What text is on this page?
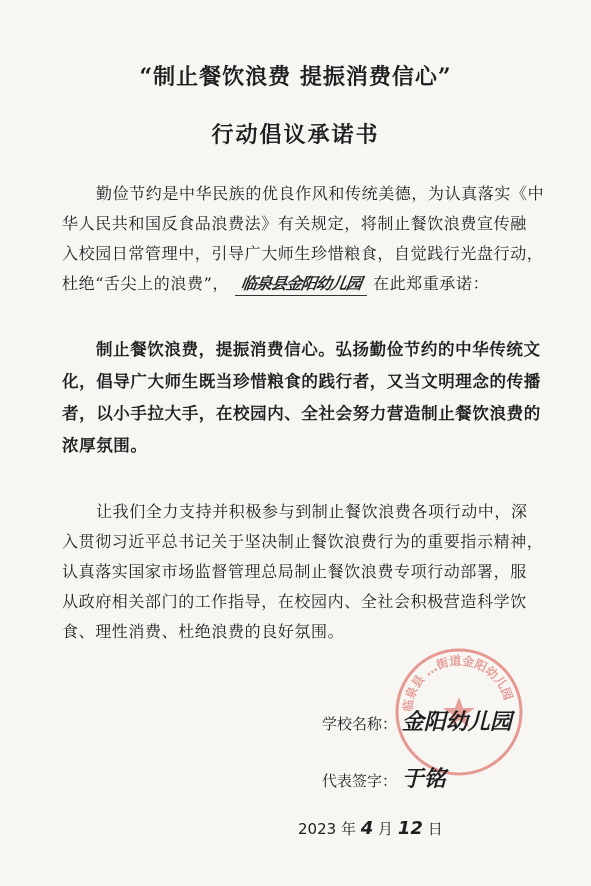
“制止餐饮浪费 提振消费信心”
行动倡议承诺书
勤俭节约是中华民族的优良作风和传统美德，为认真落实《中
华人民共和国反食品浪费法》有关规定，将制止餐饮浪费宣传融
入校园日常管理中，引导广大师生珍惜粮食，自觉践行光盘行动，
杜绝“舌尖上的浪费”， 临泉县金阳幼儿园 在此郑重承诺：
制止餐饮浪费，提振消费信心。弘扬勤俭节约的中华传统文
化，倡导广大师生既当珍惜粮食的践行者，又当文明理念的传播
者，以小手拉大手，在校园内、全社会努力营造制止餐饮浪费的
浓厚氛围。
让我们全力支持并积极参与到制止餐饮浪费各项行动中，深
入贯彻习近平总书记关于坚决制止餐饮浪费行为的重要指示精神，
认真落实国家市场监督管理总局制止餐饮浪费专项行动部署，服
从政府相关部门的工作指导，在校园内、全社会积极营造科学饮
食、理性消费、杜绝浪费的良好氛围。
临泉县 …街道金阳幼儿园
学校名称： 金阳幼儿园
代表签字： 于铭
2023 年 4 月 12 日
